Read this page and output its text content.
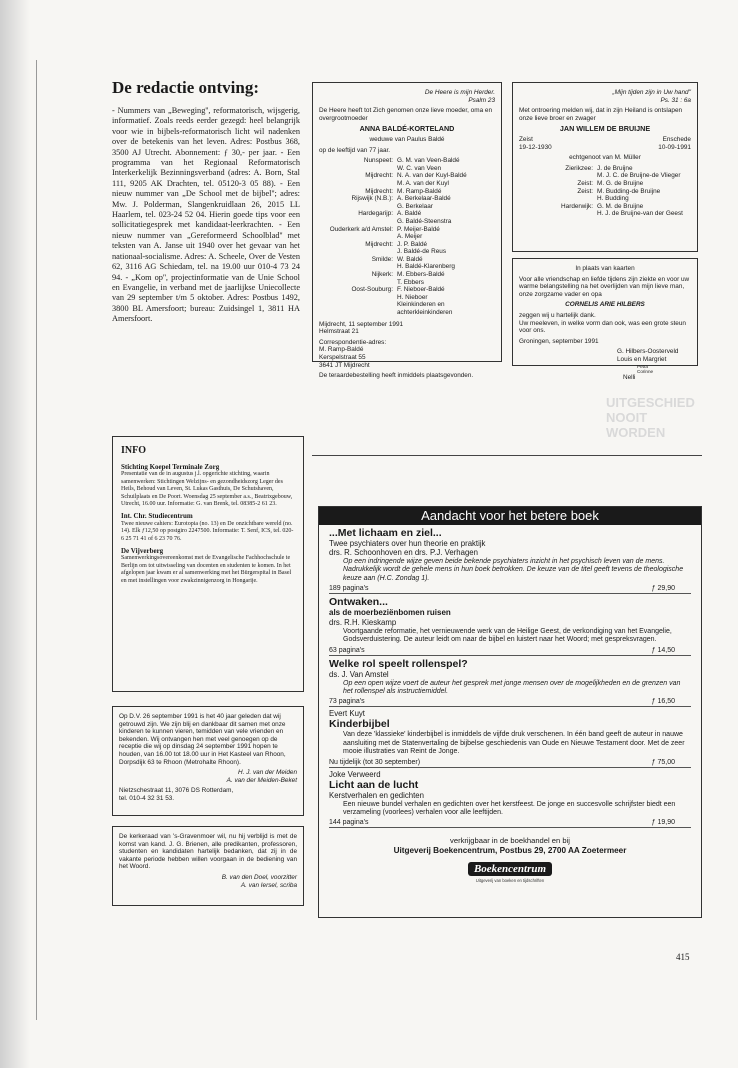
UITGESCHIED
NOOIT
WORDEN
De redactie ontving:

- Nummers van „Beweging'', reformatorisch, wijsgerig, informatief. Zoals reeds eerder gezegd: heel belangrijk voor wie in bijbels-reformatorisch licht wil nadenken over de betekenis van het leven. Adres: Postbus 368, 3500 AJ Utrecht. Abonnement: ƒ 30,- per jaar. - Een programma van het Regionaal Reformatorisch Interkerkelijk Bezinningsverband (adres: A. Born, Stal 111, 9205 AK Drachten, tel. 05120-3 05 88). - Een nieuw nummer van „De School met de bijbel''; adres: Mw. J. Polderman, Slangenkruidlaan 26, 2015 LL Haarlem, tel. 023-24 52 04. Hierin goede tips voor een sollicitatiegesprek met kandidaat-leerkrachten. - Een nieuw nummer van „Gereformeerd Schoolblad'' met teksten van A. Janse uit 1940 over het gevaar van het nationaal-socialisme. Adres: A. Scheele, Over de Vesten 62, 3116 AG Schiedam, tel. na 19.00 uur 010-4 73 24 94. - „Kom op'', projectinformatie van de Unie School en Evangelie, in verband met de jaarlijkse Uniecollecte van 29 september t/m 5 oktober. Adres: Postbus 1492, 3800 BL Amersfoort; bureau: Zuidsingel 1, 3811 HA Amersfoort.

INFO
Stichting Koepel Terminale Zorg
Presentatie van de in augustus j.l. opgerichte stichting, waarin samenwerken: Stichtingen Welzijns- en gezondheidszorg Leger des Heils, Behoud van Leven, St. Lukas Gasthuis, De Schutshaven, Schuilplaats en De Poort. Woensdag 25 september a.s., Beatrixgebouw, Utrecht, 16.00 uur. Informatie: G. van Brenk, tel. 08385-2 61 23.
Int. Chr. Studiecentrum
Twee nieuwe cahiers: Eurotopia (no. 13) en De onzichtbare wereld (no. 14). Elk ƒ12,50 op postgiro 2247500. Informatie: T. Senf, ICS, tel. 020-6 25 71 41 of 6 23 70 76.
De Vijverberg
Samenwerkingsovereenkomst met de Evangelische Fachhochschule te Berlijn om tot uitwisseling van docenten en studenten te komen. In het afgelopen jaar kwam er al samenwerking met het Bürgerspital in Basel en met instellingen voor zwakzinnigenzorg in Hongarije.

De Heere is mijn Herder.
Psalm 23

De Heere heeft tot Zich genomen onze lieve moeder, oma en overgrootmoeder

ANNA BALDÉ-KORTELAND

weduwe van Paulus Baldé

op de leeftijd van 77 jaar.

Nunspeet: G. M. van Veen-Baldé
W. C. van Veen
Mijdrecht: N. A. van der Kuyl-Baldé
M. A. van der Kuyl
Mijdrecht: M. Ramp-Baldé
Rijswijk (N.B.): A. Berkelaar-Baldé
G. Berkelaar
Hardegarijp: A. Baldé
G. Baldé-Steenstra
Ouderkerk a/d Amstel: P. Meijer-Baldé
A. Meijer
Mijdrecht: J. P. Baldé
J. Baldé-de Reus
Smilde: W. Baldé
H. Baldé-Klarenberg
Nijkerk: M. Ebbers-Baldé
T. Ebbers
Oost-Souburg: F. Nieboer-Baldé
H. Nieboer
Kleinkinderen en
achterkleinkinderen

Mijdrecht, 11 september 1991
Helmstraat 21

Correspondentie-adres:
M. Ramp-Baldé
Kerspelstraat 55
3641 JT Mijdrecht

De teraardebestelling heeft inmiddels plaatsgevonden.

„Mijn tijden zijn in Uw hand''
Ps. 31 : 6a

Met ontroering melden wij, dat in zijn Heiland is ontslapen onze lieve broer en zwager

JAN WILLEM DE BRUIJNE

Zeist
19-12-1930
Enschede
10-09-1991

echtgenoot van M. Müller

Zierikzee: J. de Bruijne
M. J. C. de Bruijne-de Vlieger
Zeist: M. G. de Bruijne
Zeist: M. Budding-de Bruijne
H. Budding
Harderwijk: G. M. de Bruijne
H. J. de Bruijne-van der Geest

In plaats van kaarten

Voor alle vriendschap en liefde tijdens zijn ziekte en voor uw warme belangstelling na het overlijden van mijn lieve man, onze zorgzame vader en opa

CORNELIS ARIE HILBERS

zeggen wij u hartelijk dank.
Uw meeleven, in welke vorm dan ook, was een grote steun voor ons.

Groningen, september 1991

G. Hilbers-Oosterveld
Louis en Margriet
Petra
Corinne
Nelli

Op D.V. 26 september 1991 is het 40 jaar geleden dat wij getrouwd zijn. We zijn blij en dankbaar dit samen met onze kinderen te kunnen vieren, temidden van vele vrienden en bekenden. Wij ontvangen hen met veel genoegen op de receptie die wij op dinsdag 24 september 1991 hopen te houden, van 16.00 tot 18.00 uur in Het Kasteel van Rhoon, Dorpsdijk 63 te Rhoon (Metrohalte Rhoon).

H. J. van der Meiden
A. van der Meiden-Beket

Nietzschestraat 11, 3076 DS Rotterdam,
tel. 010-4 32 31 53.

De kerkeraad van 's-Gravenmoer wil, nu hij verblijd is met de komst van kand. J. G. Brienen, alle predikanten, professoren, studenten en kandidaten hartelijk bedanken, dat zij in de vakante periode hebben willen voorgaan in de bediening van het Woord.

B. van den Doel, voorzitter
A. van Iersel, scriba

Aandacht voor het betere boek
...Met lichaam en ziel...
Twee psychiaters over hun theorie en praktijk
drs. R. Schoonhoven en drs. P.J. Verhagen
Op een indringende wijze geven beide bekende psychiaters inzicht in het psychisch leven van de mens. Nadrukkelijk wordt de gehele mens in hun boek betrokken. De keuze van de titel geeft tevens de theologische keuze aan (H.C. Zondag 1).
189 pagina's	ƒ 29,90
Ontwaken...
als de moerbeziën​bomen ruisen
drs. R.H. Kieskamp
Voortgaande reformatie, het vernieuwende werk van de Heilige Geest, de verkondiging van het Evangelie, Godsverduistering. De auteur leidt om naar de bijbel en luistert naar het Woord; met gespreksvragen.
63 pagina's	ƒ 14,50
Welke rol speelt rollenspel?
ds. J. Van Amstel
Op een open wijze voert de auteur het gesprek met jonge mensen over de mogelijkheden en de grenzen van het rollenspel als instructiemiddel.
73 pagina's	ƒ 16,50
Evert Kuyt
Kinderbijbel
Van deze 'klassieke' kinderbijbel is inmiddels de vijfde druk verschenen. In één band geeft de auteur in nauwe aansluiting met de Statenvertaling de bijbelse geschiedenis van Oude en Nieuwe Testament door. Met de zeer mooie illustraties van Reint de Jonge.
Nu tijdelijk (tot 30 september)	ƒ 75,00
Joke Verweerd
Licht aan de lucht
Kerstverhalen en gedichten
Een nieuwe bundel verhalen en gedichten over het kerstfeest. De jonge en succesvolle schrijfster biedt een verzameling (voorlees) verhalen voor alle leeftijden.
144 pagina's	ƒ 19,90
verkrijgbaar in de boekhandel en bij
Uitgeverij Boekencentrum, Postbus 29, 2700 AA Zoetermeer
Boekencentrum
Uitgeverij van boeken en tijdschriften
415
